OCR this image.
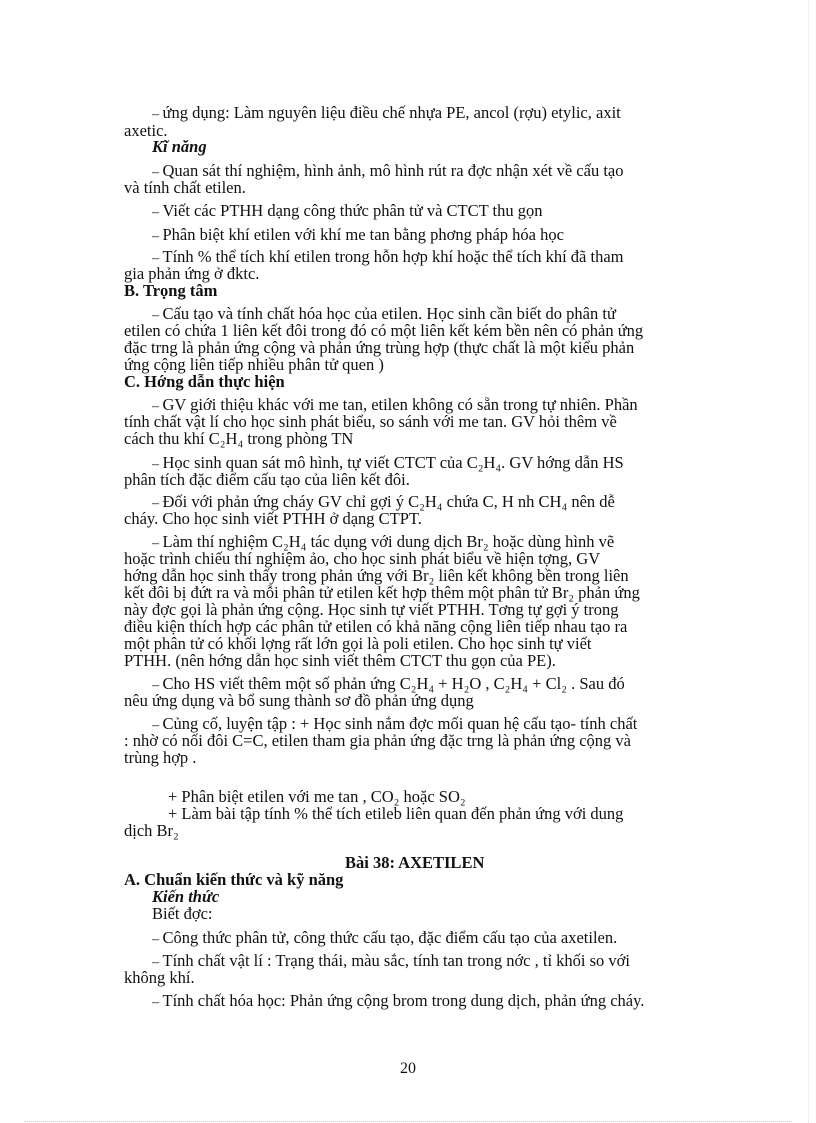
– ứng dụng: Làm nguyên liệu điều chế nhựa PE, ancol (rợu) etylic, axit
axetic.
Kĩ năng
– Quan sát thí nghiệm, hình ảnh, mô hình rút ra đợc nhận xét về cấu tạo
và tính chất etilen.
– Viết các PTHH dạng công thức phân tử và CTCT thu gọn
– Phân biệt khí etilen với khí me tan bằng phơng pháp hóa học
– Tính % thể tích khí etilen trong hỗn hợp khí hoặc thể tích khí đã tham
gia phản ứng ở đktc.
B. Trọng tâm
– Cấu tạo và tính chất hóa học của etilen. Học sinh cần biết do phân tử
etilen có chứa 1 liên kết đôi trong đó có một liên kết kém bền nên có phản ứng
đặc trng là phản ứng cộng và phản ứng trùng hợp (thực chất là một kiểu phản
ứng cộng liên tiếp nhiều phân tử quen )
C. Hớng dẫn thực hiện
– GV giới thiệu khác với me tan, etilen không có sẵn trong tự nhiên. Phần
tính chất vật lí cho học sinh phát biểu, so sánh với me tan. GV hỏi thêm về
cách thu khí C₂H₄ trong phòng TN
– Học sinh quan sát mô hình, tự viết CTCT của C₂H₄. GV hớng dẫn HS
phân tích đặc điểm cấu tạo của liên kết đôi.
– Đối với phản ứng cháy GV chỉ gợi ý C₂H₄ chứa C, H nh CH₄ nên dễ
cháy. Cho học sinh viết PTHH ở dạng CTPT.
– Làm thí nghiệm C₂H₄ tác dụng với dung dịch Br₂ hoặc dùng hình vẽ
hoặc trình chiếu thí nghiệm ảo, cho học sinh phát biểu về hiện tợng, GV
hớng dẫn học sinh thấy trong phản ứng với Br₂ liên kết không bền trong liên
kết đôi bị đứt ra và mỗi phân tử etilen kết hợp thêm một phân tử Br₂ phản ứng
này đợc gọi là phản ứng cộng. Học sinh tự viết PTHH. Tơng tự gợi ý trong
điều kiện thích hợp các phân tử etilen có khả năng cộng liên tiếp nhau tạo ra
một phân tử có khối lợng rất lớn gọi là poli etilen. Cho học sinh tự viết
PTHH. (nên hớng dẫn học sinh viết thêm CTCT thu gọn của PE).
– Cho HS viết thêm một số phản ứng C₂H₄ + H₂O , C₂H₄ + Cl₂ . Sau đó
nêu ứng dụng và bổ sung thành sơ đồ phản ứng dụng
– Củng cố, luyện tập : + Học sinh nắm đợc mối quan hệ cấu tạo- tính chất
: nhờ có nối đôi C=C, etilen tham gia phản ứng đặc trng là phản ứng cộng và
trùng hợp .
+ Phân biệt etilen với me tan , CO₂ hoặc SO₂
+ Làm bài tập tính % thể tích etileb liên quan đến phản ứng với dung
dịch Br₂
Bài 38: AXETILEN
A. Chuẩn kiến thức và kỹ năng
Kiến thức
Biết đợc:
– Công thức phân tử, công thức cấu tạo, đặc điểm cấu tạo của axetilen.
– Tính chất vật lí : Trạng thái, màu sắc, tính tan trong nớc , tỉ khối so với
không khí.
– Tính chất hóa học: Phản ứng cộng brom trong dung dịch, phản ứng cháy.
20
